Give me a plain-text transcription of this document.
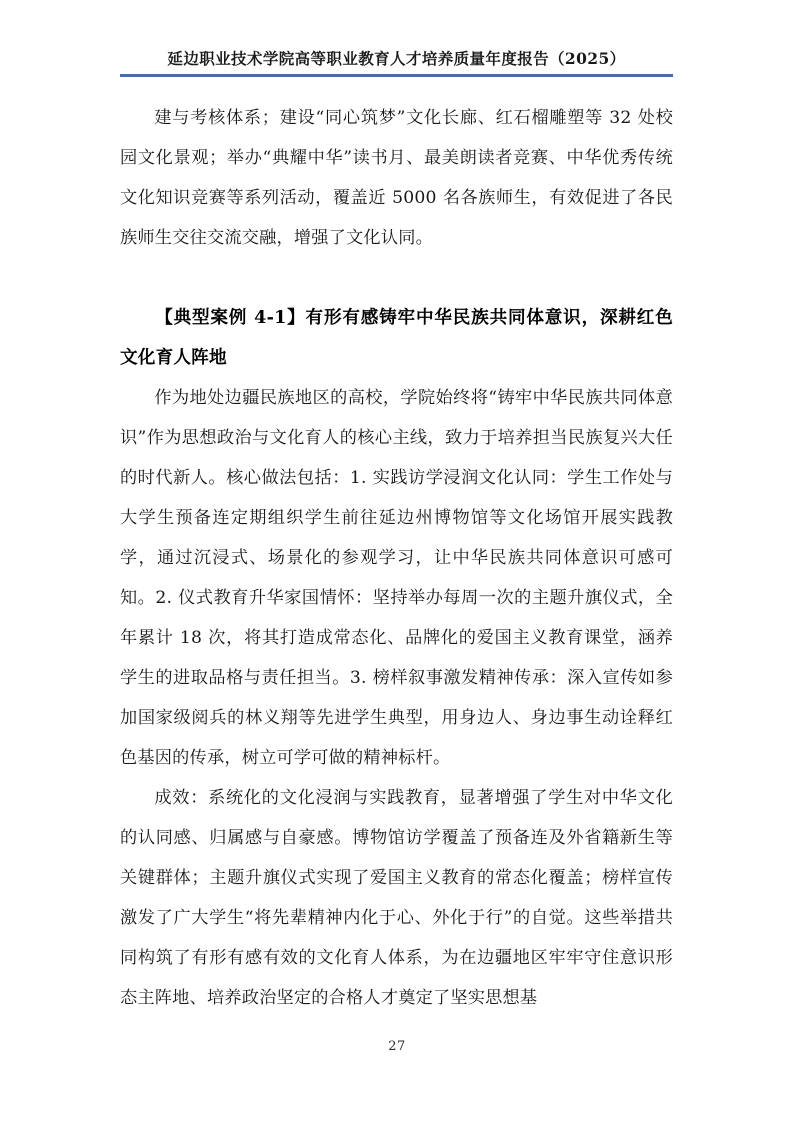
延边职业技术学院高等职业教育人才培养质量年度报告（2025）

建与考核体系；建设“同心筑梦”文化长廊、红石榴雕塑等 32 处校园文化景观；举办“典耀中华”读书月、最美朗读者竞赛、中华优秀传统文化知识竞赛等系列活动，覆盖近 5000 名各族师生，有效促进了各民族师生交往交流交融，增强了文化认同。

【典型案例 4-1】有形有感铸牢中华民族共同体意识，深耕红色文化育人阵地

作为地处边疆民族地区的高校，学院始终将“铸牢中华民族共同体意识”作为思想政治与文化育人的核心主线，致力于培养担当民族复兴大任的时代新人。核心做法包括：1. 实践访学浸润文化认同：学生工作处与大学生预备连定期组织学生前往延边州博物馆等文化场馆开展实践教学，通过沉浸式、场景化的参观学习，让中华民族共同体意识可感可知。2. 仪式教育升华家国情怀：坚持举办每周一次的主题升旗仪式，全年累计 18 次，将其打造成常态化、品牌化的爱国主义教育课堂，涵养学生的进取品格与责任担当。3. 榜样叙事激发精神传承：深入宣传如参加国家级阅兵的林义翔等先进学生典型，用身边人、身边事生动诠释红色基因的传承，树立可学可做的精神标杆。

成效：系统化的文化浸润与实践教育，显著增强了学生对中华文化的认同感、归属感与自豪感。博物馆访学覆盖了预备连及外省籍新生等关键群体；主题升旗仪式实现了爱国主义教育的常态化覆盖；榜样宣传激发了广大学生“将先辈精神内化于心、外化于行”的自觉。这些举措共同构筑了有形有感有效的文化育人体系，为在边疆地区牢牢守住意识形态主阵地、培养政治坚定的合格人才奠定了坚实思想基

27
